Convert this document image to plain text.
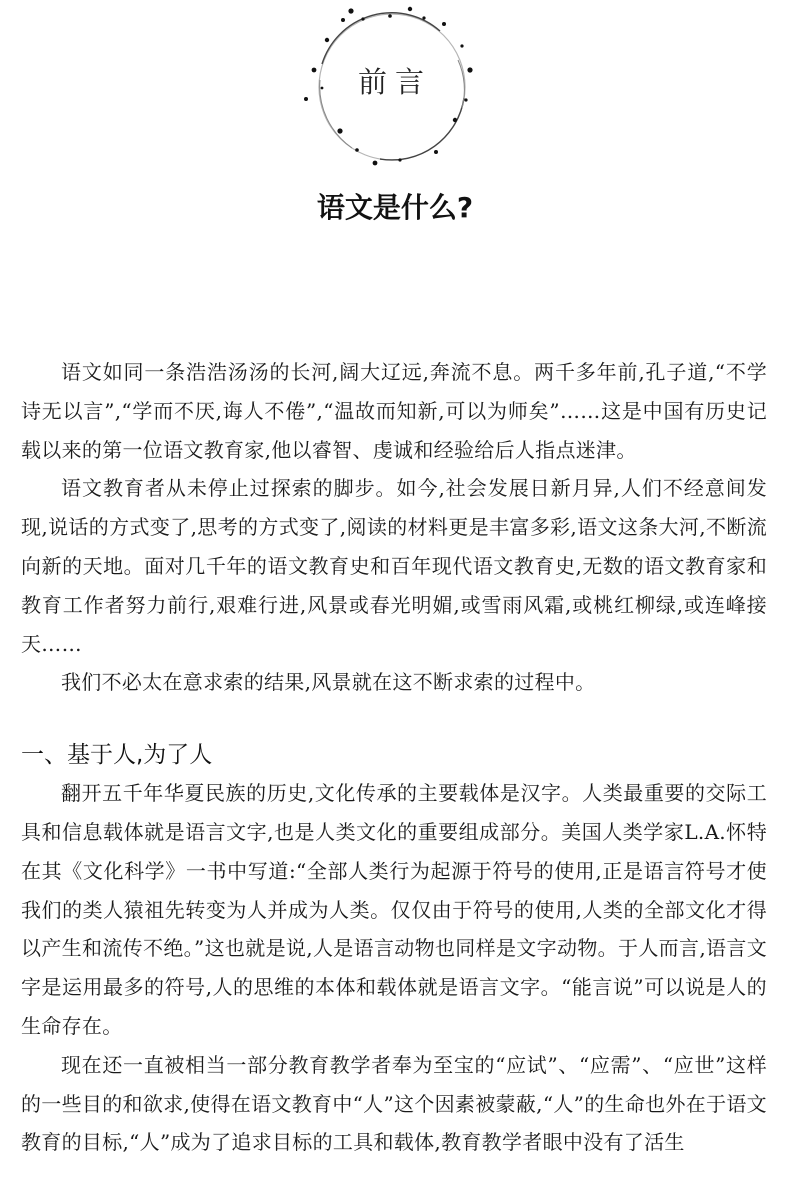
前言
语文是什么?

语文如同一条浩浩汤汤的长河,阔大辽远,奔流不息。两千多年前,孔子道,“不学诗无以言”,“学而不厌,诲人不倦”,“温故而知新,可以为师矣”……这是中国有历史记载以来的第一位语文教育家,他以睿智、虔诚和经验给后人指点迷津。

语文教育者从未停止过探索的脚步。如今,社会发展日新月异,人们不经意间发现,说话的方式变了,思考的方式变了,阅读的材料更是丰富多彩,语文这条大河,不断流向新的天地。面对几千年的语文教育史和百年现代语文教育史,无数的语文教育家和教育工作者努力前行,艰难行进,风景或春光明媚,或雪雨风霜,或桃红柳绿,或连峰接天……

我们不必太在意求索的结果,风景就在这不断求索的过程中。

一、基于人,为了人

翻开五千年华夏民族的历史,文化传承的主要载体是汉字。人类最重要的交际工具和信息载体就是语言文字,也是人类文化的重要组成部分。美国人类学家L.A.怀特在其《文化科学》一书中写道:“全部人类行为起源于符号的使用,正是语言符号才使我们的类人猿祖先转变为人并成为人类。仅仅由于符号的使用,人类的全部文化才得以产生和流传不绝。”这也就是说,人是语言动物也同样是文字动物。于人而言,语言文字是运用最多的符号,人的思维的本体和载体就是语言文字。“能言说”可以说是人的生命存在。

现在还一直被相当一部分教育教学者奉为至宝的“应试”、“应需”、“应世”这样的一些目的和欲求,使得在语文教育中“人”这个因素被蒙蔽,“人”的生命也外在于语文教育的目标,“人”成为了追求目标的工具和载体,教育教学者眼中没有了活生
